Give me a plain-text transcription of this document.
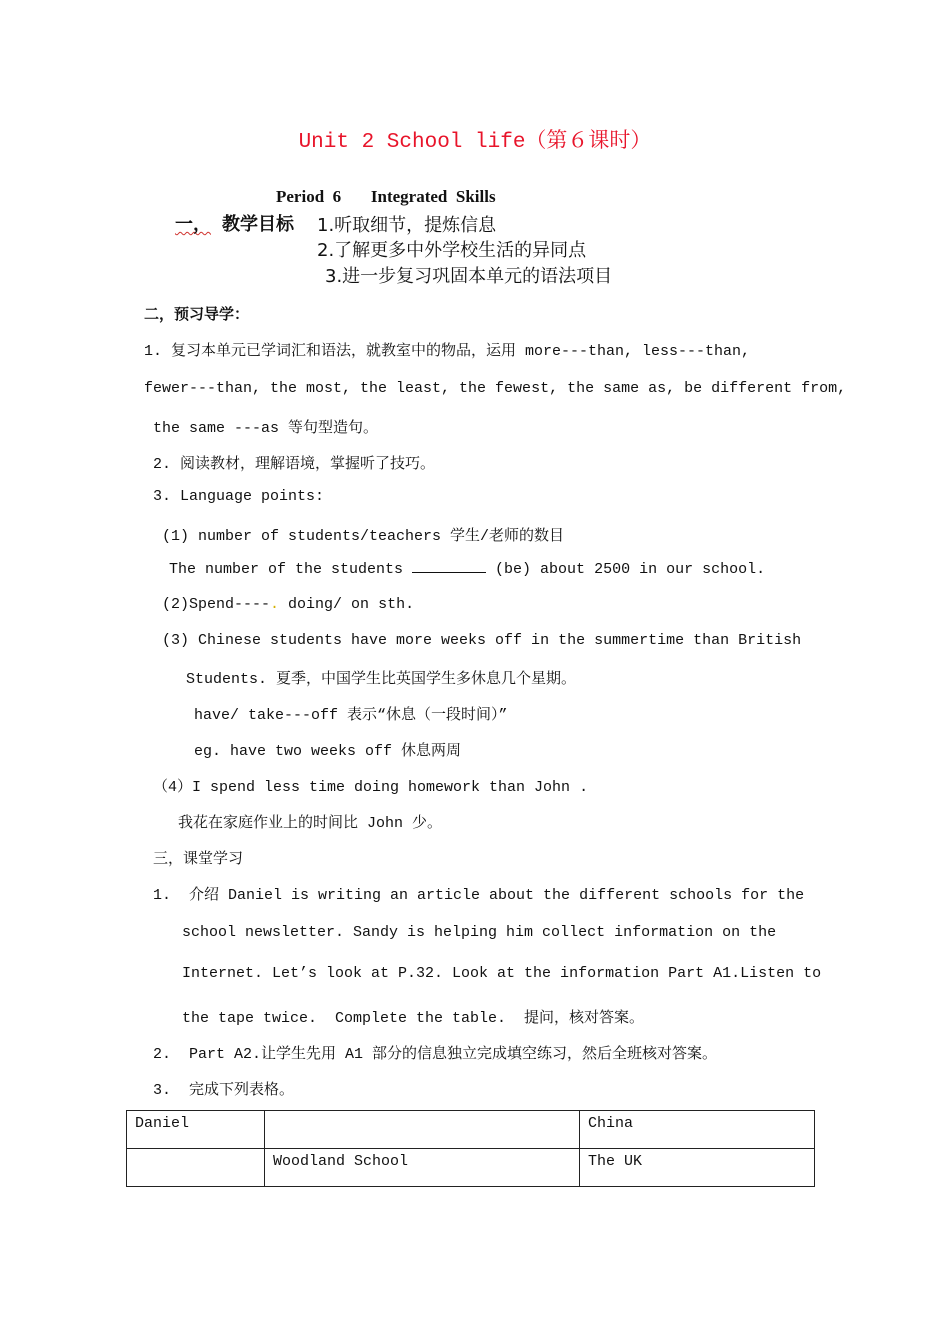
Unit 2 School life（第６课时）
Period  6       Integrated  Skills
一， 教学目标 1.听取细节，提炼信息
2.了解更多中外学校生活的异同点
3.进一步复习巩固本单元的语法项目
二，预习导学：
1. 复习本单元已学词汇和语法，就教室中的物品，运用 more---than, less---than,
fewer---than, the most, the least, the fewest, the same as, be different from,
the same ---as 等句型造句。
2. 阅读教材，理解语境，掌握听了技巧。
3. Language points:
(1) number of students/teachers 学生/老师的数目
The number of the students	(be) about 2500 in our school.
(2)Spend----. doing/ on sth.
(3) Chinese students have more weeks off in the summertime than British
Students. 夏季，中国学生比英国学生多休息几个星期。
have/ take---off 表示“休息（一段时间）”
eg. have two weeks off 休息两周
（4）I spend less time doing homework than John .
我花在家庭作业上的时间比 John 少。
三，课堂学习
1.  介绍 Daniel is writing an article about the different schools for the
school newsletter. Sandy is helping him collect information on the
Internet. Let’s look at P.32. Look at the information Part A1.Listen to
the tape twice.  Complete the table.  提问，核对答案。
2.  Part A2.让学生先用 A1 部分的信息独立完成填空练习，然后全班核对答案。
3.  完成下列表格。
Daniel		China
	Woodland School	The UK
